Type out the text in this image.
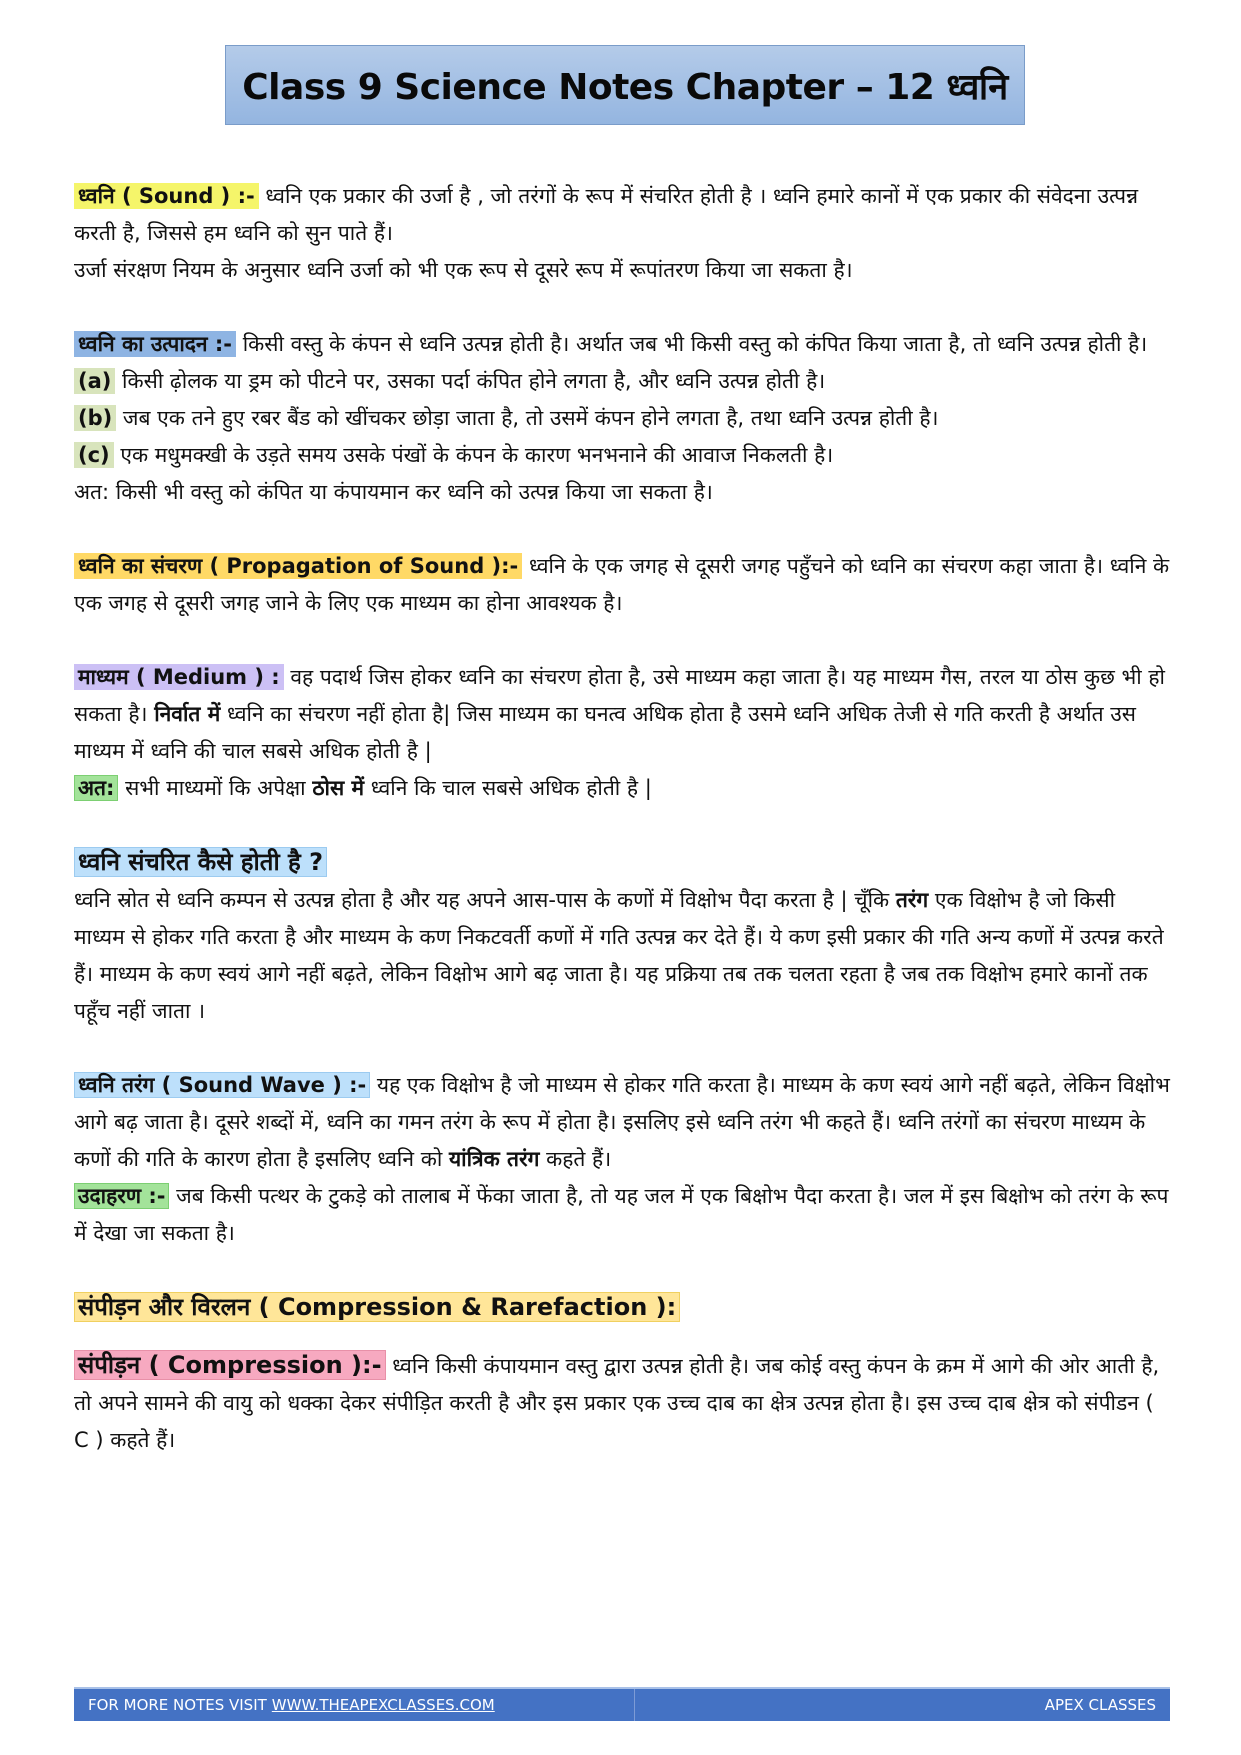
Class 9 Science Notes Chapter – 12 ध्वनि

ध्वनि ( Sound ) :- ध्वनि एक प्रकार की उर्जा है , जो तरंगों के रूप में संचरित होती है । ध्वनि हमारे कानों में एक प्रकार की संवेदना उत्पन्न करती है, जिससे हम ध्वनि को सुन पाते हैं।

उर्जा संरक्षण नियम के अनुसार ध्वनि उर्जा को भी एक रूप से दूसरे रूप में रूपांतरण किया जा सकता है।

ध्वनि का उत्पादन :- किसी वस्तु के कंपन से ध्वनि उत्पन्न होती है। अर्थात जब भी किसी वस्तु को कंपित किया जाता है, तो ध्वनि उत्पन्न होती है।

(a) किसी ढ़ोलक या ड्रम को पीटने पर, उसका पर्दा कंपित होने लगता है, और ध्वनि उत्पन्न होती है।

(b) जब एक तने हुए रबर बैंड को खींचकर छोड़ा जाता है, तो उसमें कंपन होने लगता है, तथा ध्वनि उत्पन्न होती है।

(c) एक मधुमक्खी के उड़ते समय उसके पंखों के कंपन के कारण भनभनाने की आवाज निकलती है।

अत: किसी भी वस्तु को कंपित या कंपायमान कर ध्वनि को उत्पन्न किया जा सकता है।

ध्वनि का संचरण ( Propagation of Sound ):- ध्वनि के एक जगह से दूसरी जगह पहुँचने को ध्वनि का संचरण कहा जाता है। ध्वनि के एक जगह से दूसरी जगह जाने के लिए एक माध्यम का होना आवश्यक है।

माध्यम ( Medium ) : वह पदार्थ जिस होकर ध्वनि का संचरण होता है, उसे माध्यम कहा जाता है। यह माध्यम गैस, तरल या ठोस कुछ भी हो सकता है। निर्वात में ध्वनि का संचरण नहीं होता है| जिस माध्यम का घनत्व अधिक होता है उसमे ध्वनि अधिक तेजी से गति करती है अर्थात उस माध्यम में ध्वनि की चाल सबसे अधिक होती है |

अत: सभी माध्यमों कि अपेक्षा ठोस में ध्वनि कि चाल सबसे अधिक होती है |

ध्वनि संचरित कैसे होती है ?

ध्वनि स्रोत से ध्वनि कम्पन से उत्पन्न होता है और यह अपने आस-पास के कणों में विक्षोभ पैदा करता है | चूँकि तरंग एक विक्षोभ है जो किसी माध्यम से होकर गति करता है और माध्यम के कण निकटवर्ती कणों में गति उत्पन्न कर देते हैं। ये कण इसी प्रकार की गति अन्य कणों में उत्पन्न करते हैं। माध्यम के कण स्वयं आगे नहीं बढ़ते, लेकिन विक्षोभ आगे बढ़ जाता है। यह प्रक्रिया तब तक चलता रहता है जब तक विक्षोभ हमारे कानों तक पहूँच नहीं जाता ।

ध्वनि तरंग ( Sound Wave ) :- यह एक विक्षोभ है जो माध्यम से होकर गति करता है। माध्यम के कण स्वयं आगे नहीं बढ़ते, लेकिन विक्षोभ आगे बढ़ जाता है। दूसरे शब्दों में, ध्वनि का गमन तरंग के रूप में होता है। इसलिए इसे ध्वनि तरंग भी कहते हैं। ध्वनि तरंगों का संचरण माध्यम के कणों की गति के कारण होता है इसलिए ध्वनि को यांत्रिक तरंग कहते हैं।

उदाहरण :- जब किसी पत्थर के टुकड़े को तालाब में फेंका जाता है, तो यह जल में एक बिक्षोभ पैदा करता है। जल में इस बिक्षोभ को तरंग के रूप में देखा जा सकता है।

संपीड़न और विरलन ( Compression & Rarefaction ):

संपीड़न ( Compression ):- ध्वनि किसी कंपायमान वस्तु द्वारा उत्पन्न होती है। जब कोई वस्तु कंपन के क्रम में आगे की ओर आती है, तो अपने सामने की वायु को धक्का देकर संपीड़ित करती है और इस प्रकार एक उच्च दाब का क्षेत्र उत्पन्न होता है। इस उच्च दाब क्षेत्र को संपीडन ( C ) कहते हैं।

FOR MORE NOTES VISIT WWW.THEAPEXCLASSES.COM	APEX CLASSES
